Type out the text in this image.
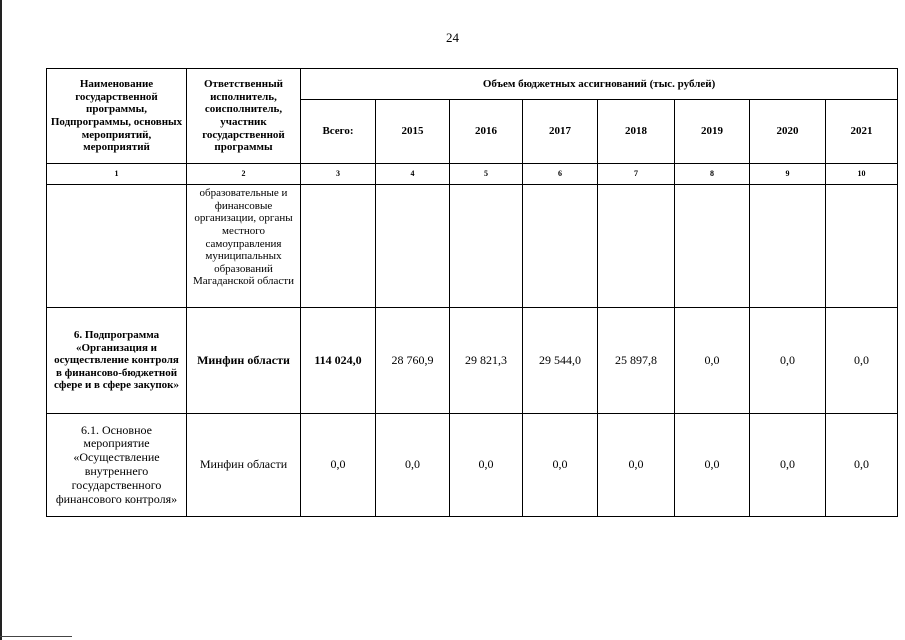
24
Наименование государственной программы, Подпрограммы, основных мероприятий, мероприятий	Ответственный исполнитель, соисполнитель, участник государственной программы	Объем бюджетных ассигнований (тыс. рублей)							
		Всего:	2015	2016	2017	2018	2019	2020	2021
1	2	3	4	5	6	7	8	9	10
	образовательные и финансовые организации, органы местного самоуправления муниципальных образований Магаданской области								
6. Подпрограмма «Организация и осуществление контроля в финансово-бюджетной сфере и в сфере закупок»	Минфин области	114 024,0	28 760,9	29 821,3	29 544,0	25 897,8	0,0	0,0	0,0
6.1. Основное мероприятие «Осуществление внутреннего государственного финансового контроля»	Минфин области	0,0	0,0	0,0	0,0	0,0	0,0	0,0	0,0
